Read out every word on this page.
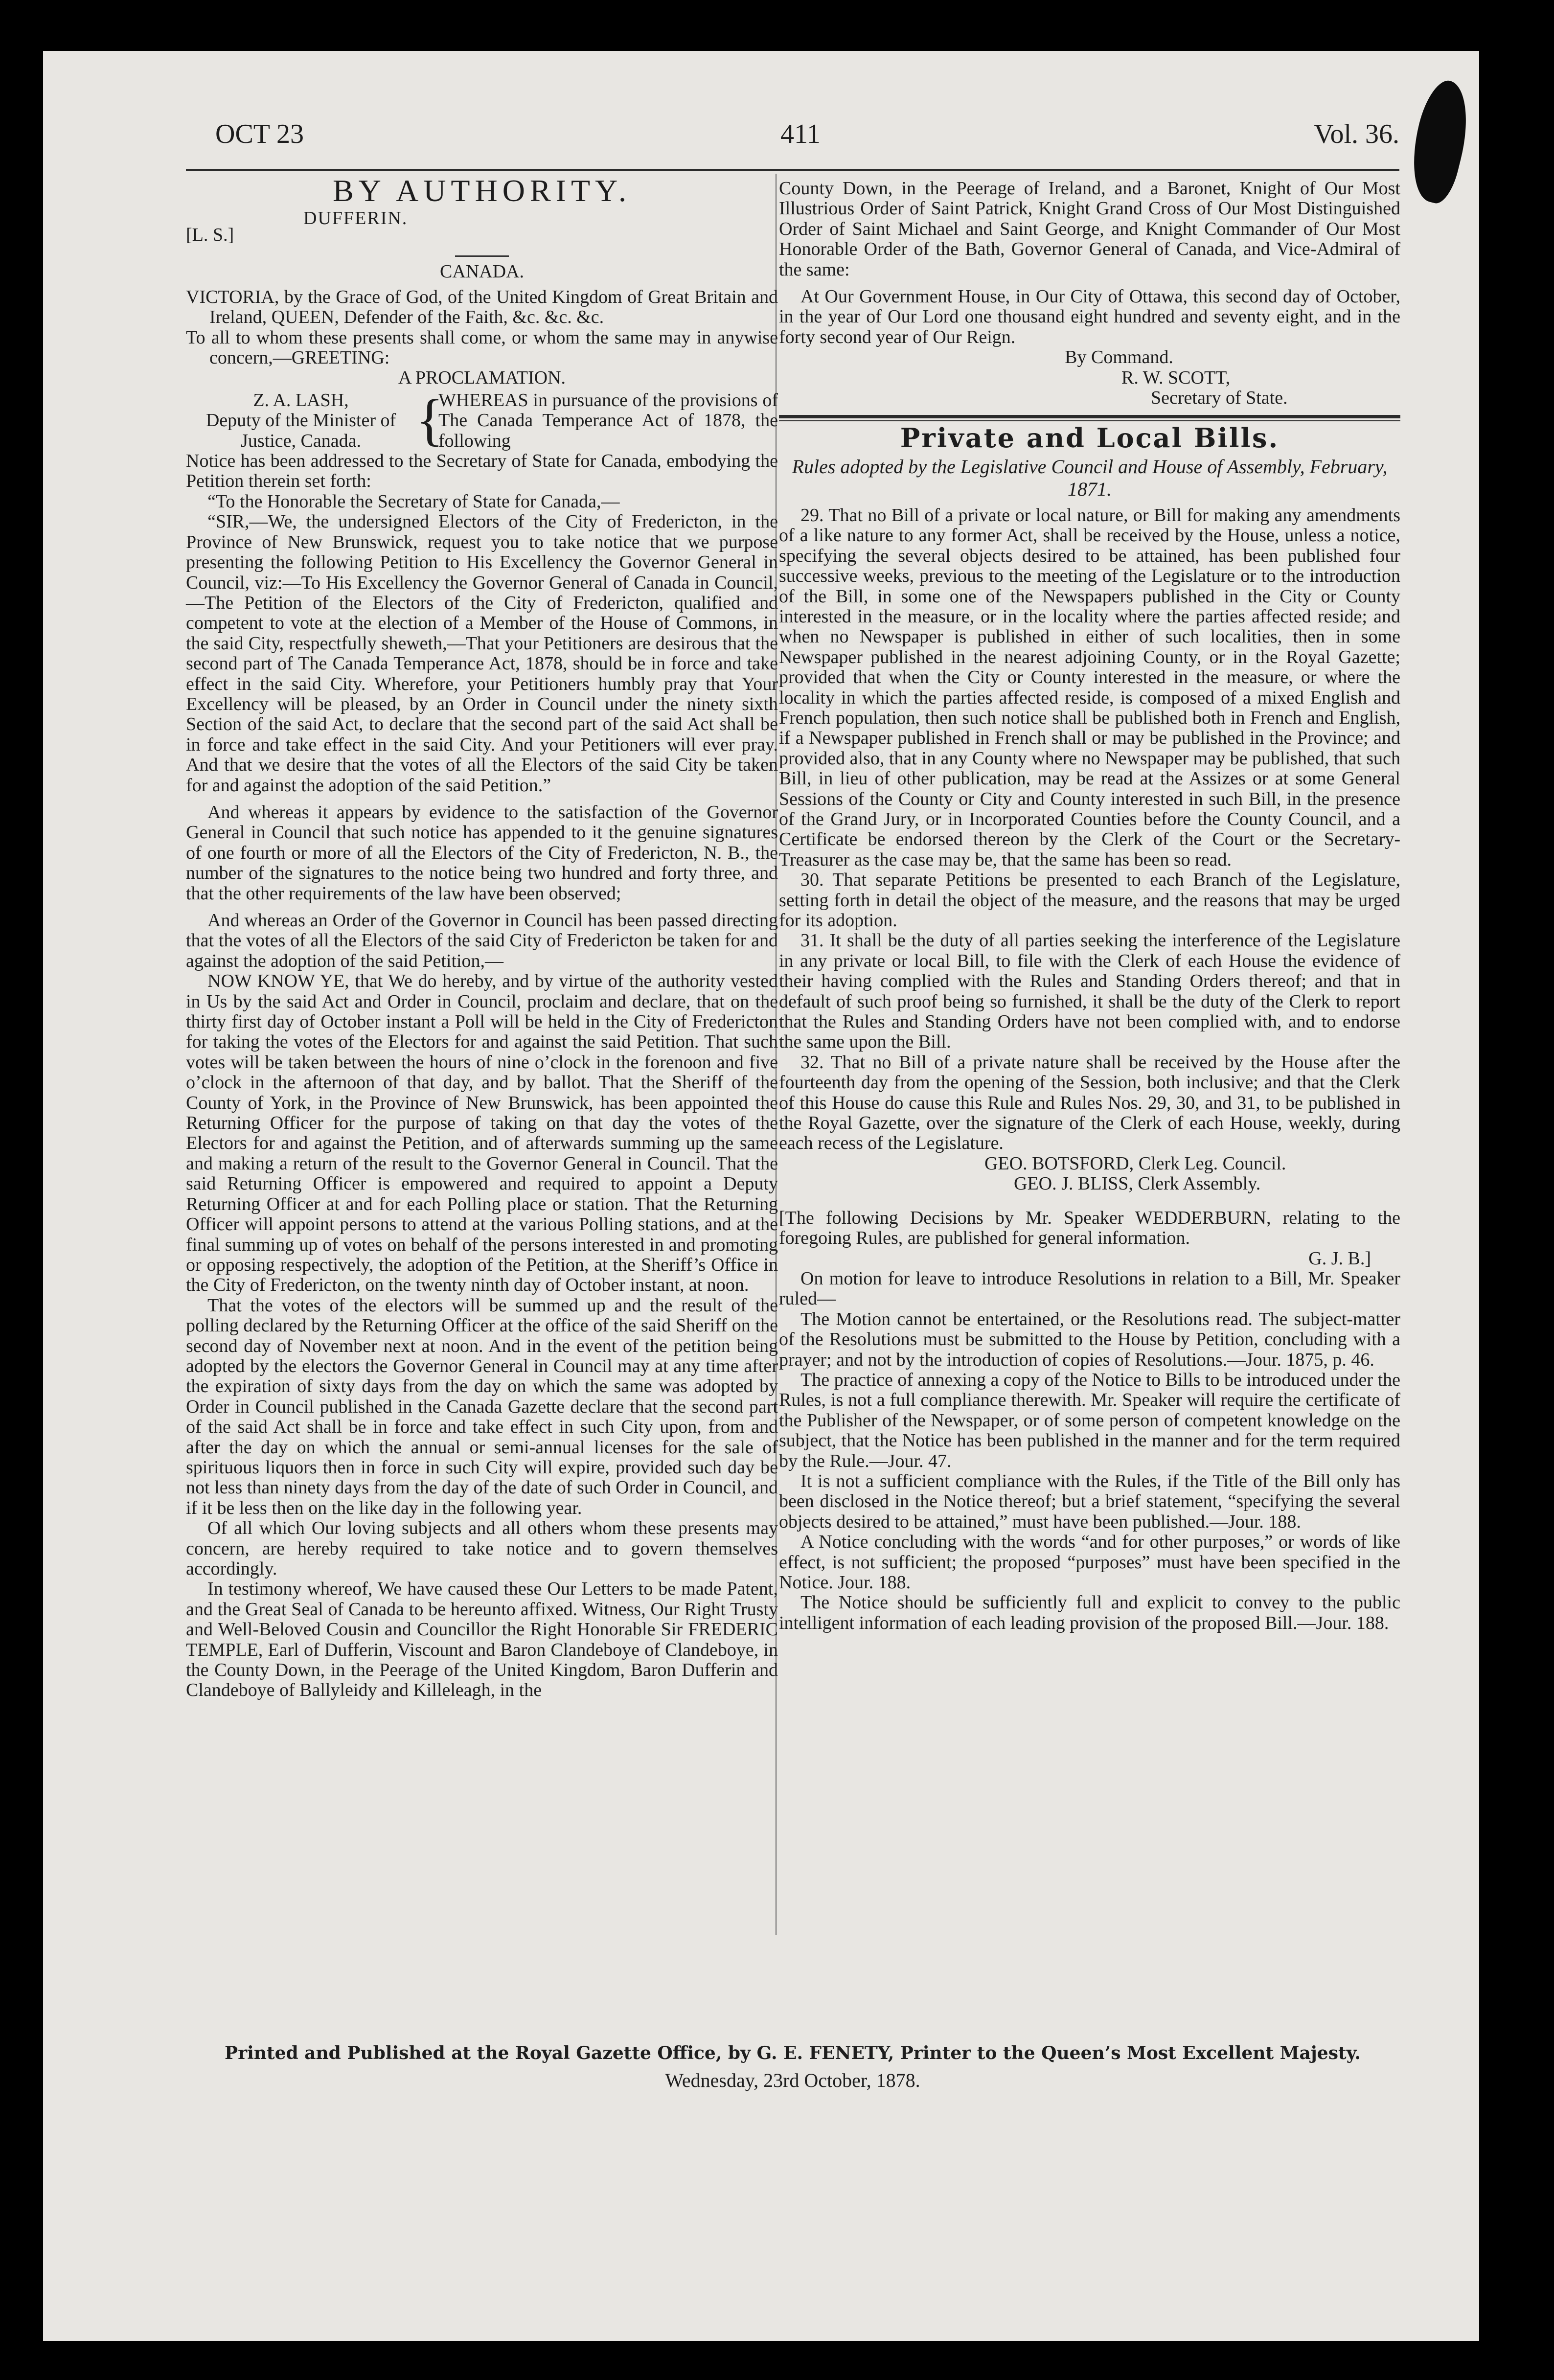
OCT 23	411	Vol. 36.

BY AUTHORITY.

[L. S.]
DUFFERIN.

CANADA.

VICTORIA, by the Grace of God, of the United Kingdom of Great Britain and Ireland, QUEEN, Defender of the Faith, &c. &c. &c.

To all to whom these presents shall come, or whom the same may in anywise concern,—GREETING:

A PROCLAMATION.

Z. A. LASH,

Deputy of the Minister of Justice, Canada. {

WHEREAS in pursuance of the provisions of The Canada Temperance Act of 1878, the following

Notice has been addressed to the Secretary of State for Canada, embodying the Petition therein set forth:

“To the Honorable the Secretary of State for Canada,—

“SIR,—We, the undersigned Electors of the City of Fredericton, in the Province of New Brunswick, request you to take notice that we purpose presenting the following Petition to His Excellency the Governor General in Council, viz:—To His Excellency the Governor General of Canada in Council,—The Petition of the Electors of the City of Fredericton, qualified and competent to vote at the election of a Member of the House of Commons, in the said City, respectfully sheweth,—That your Petitioners are desirous that the second part of The Canada Temperance Act, 1878, should be in force and take effect in the said City. Wherefore, your Petitioners humbly pray that Your Excellency will be pleased, by an Order in Council under the ninety sixth Section of the said Act, to declare that the second part of the said Act shall be in force and take effect in the said City. And your Petitioners will ever pray. And that we desire that the votes of all the Electors of the said City be taken for and against the adoption of the said Petition.”

And whereas it appears by evidence to the satisfaction of the Governor General in Council that such notice has appended to it the genuine signatures of one fourth or more of all the Electors of the City of Fredericton, N. B., the number of the signatures to the notice being two hundred and forty three, and that the other requirements of the law have been observed;

And whereas an Order of the Governor in Council has been passed directing that the votes of all the Electors of the said City of Fredericton be taken for and against the adoption of the said Petition,—

NOW KNOW YE, that We do hereby, and by virtue of the authority vested in Us by the said Act and Order in Council, proclaim and declare, that on the thirty first day of October instant a Poll will be held in the City of Fredericton for taking the votes of the Electors for and against the said Petition. That such votes will be taken between the hours of nine o’clock in the forenoon and five o’clock in the afternoon of that day, and by ballot. That the Sheriff of the County of York, in the Province of New Brunswick, has been appointed the Returning Officer for the purpose of taking on that day the votes of the Electors for and against the Petition, and of afterwards summing up the same and making a return of the result to the Governor General in Council. That the said Returning Officer is empowered and required to appoint a Deputy Returning Officer at and for each Polling place or station. That the Returning Officer will appoint persons to attend at the various Polling stations, and at the final summing up of votes on behalf of the persons interested in and promoting or opposing respectively, the adoption of the Petition, at the Sheriff’s Office in the City of Fredericton, on the twenty ninth day of October instant, at noon.

That the votes of the electors will be summed up and the result of the polling declared by the Returning Officer at the office of the said Sheriff on the second day of November next at noon. And in the event of the petition being adopted by the electors the Governor General in Council may at any time after the expiration of sixty days from the day on which the same was adopted by Order in Council published in the Canada Gazette declare that the second part of the said Act shall be in force and take effect in such City upon, from and after the day on which the annual or semi-annual licenses for the sale of spirituous liquors then in force in such City will expire, provided such day be not less than ninety days from the day of the date of such Order in Council, and if it be less then on the like day in the following year.

Of all which Our loving subjects and all others whom these presents may concern, are hereby required to take notice and to govern themselves accordingly.

In testimony whereof, We have caused these Our Letters to be made Patent, and the Great Seal of Canada to be hereunto affixed. Witness, Our Right Trusty and Well-Beloved Cousin and Councillor the Right Honorable Sir FREDERIC TEMPLE, Earl of Dufferin, Viscount and Baron Clandeboye of Clandeboye, in the County Down, in the Peerage of the United Kingdom, Baron Dufferin and Clandeboye of Ballyleidy and Killeleagh, in the

County Down, in the Peerage of Ireland, and a Baronet, Knight of Our Most Illustrious Order of Saint Patrick, Knight Grand Cross of Our Most Distinguished Order of Saint Michael and Saint George, and Knight Commander of Our Most Honorable Order of the Bath, Governor General of Canada, and Vice-Admiral of the same:

At Our Government House, in Our City of Ottawa, this second day of October, in the year of Our Lord one thousand eight hundred and seventy eight, and in the forty second year of Our Reign.

By Command.

R. W. SCOTT,

Secretary of State.

Private and Local Bills.

Rules adopted by the Legislative Council and House of Assembly, February, 1871.

29. That no Bill of a private or local nature, or Bill for making any amendments of a like nature to any former Act, shall be received by the House, unless a notice, specifying the several objects desired to be attained, has been published four successive weeks, previous to the meeting of the Legislature or to the introduction of the Bill, in some one of the Newspapers published in the City or County interested in the measure, or in the locality where the parties affected reside; and when no Newspaper is published in either of such localities, then in some Newspaper published in the nearest adjoining County, or in the Royal Gazette; provided that when the City or County interested in the measure, or where the locality in which the parties affected reside, is composed of a mixed English and French population, then such notice shall be published both in French and English, if a Newspaper published in French shall or may be published in the Province; and provided also, that in any County where no Newspaper may be published, that such Bill, in lieu of other publication, may be read at the Assizes or at some General Sessions of the County or City and County interested in such Bill, in the presence of the Grand Jury, or in Incorporated Counties before the County Council, and a Certificate be endorsed thereon by the Clerk of the Court or the Secretary-Treasurer as the case may be, that the same has been so read.

30. That separate Petitions be presented to each Branch of the Legislature, setting forth in detail the object of the measure, and the reasons that may be urged for its adoption.

31. It shall be the duty of all parties seeking the interference of the Legislature in any private or local Bill, to file with the Clerk of each House the evidence of their having complied with the Rules and Standing Orders thereof; and that in default of such proof being so furnished, it shall be the duty of the Clerk to report that the Rules and Standing Orders have not been complied with, and to endorse the same upon the Bill.

32. That no Bill of a private nature shall be received by the House after the fourteenth day from the opening of the Session, both inclusive; and that the Clerk of this House do cause this Rule and Rules Nos. 29, 30, and 31, to be published in the Royal Gazette, over the signature of the Clerk of each House, weekly, during each recess of the Legislature.

GEO. BOTSFORD, Clerk Leg. Council.

GEO. J. BLISS, Clerk Assembly.

[The following Decisions by Mr. Speaker WEDDERBURN, relating to the foregoing Rules, are published for general information.

G. J. B.]

On motion for leave to introduce Resolutions in relation to a Bill, Mr. Speaker ruled—

The Motion cannot be entertained, or the Resolutions read. The subject-matter of the Resolutions must be submitted to the House by Petition, concluding with a prayer; and not by the introduction of copies of Resolutions.—Jour. 1875, p. 46.

The practice of annexing a copy of the Notice to Bills to be introduced under the Rules, is not a full compliance therewith. Mr. Speaker will require the certificate of the Publisher of the Newspaper, or of some person of competent knowledge on the subject, that the Notice has been published in the manner and for the term required by the Rule.—Jour. 47.

It is not a sufficient compliance with the Rules, if the Title of the Bill only has been disclosed in the Notice thereof; but a brief statement, “specifying the several objects desired to be attained,” must have been published.—Jour. 188.

A Notice concluding with the words “and for other purposes,” or words of like effect, is not sufficient; the proposed “purposes” must have been specified in the Notice. Jour. 188.

The Notice should be sufficiently full and explicit to convey to the public intelligent information of each leading provision of the proposed Bill.—Jour. 188.

Printed and Published at the Royal Gazette Office, by G. E. FENETY, Printer to the Queen’s Most Excellent Majesty.

Wednesday, 23rd October, 1878.
